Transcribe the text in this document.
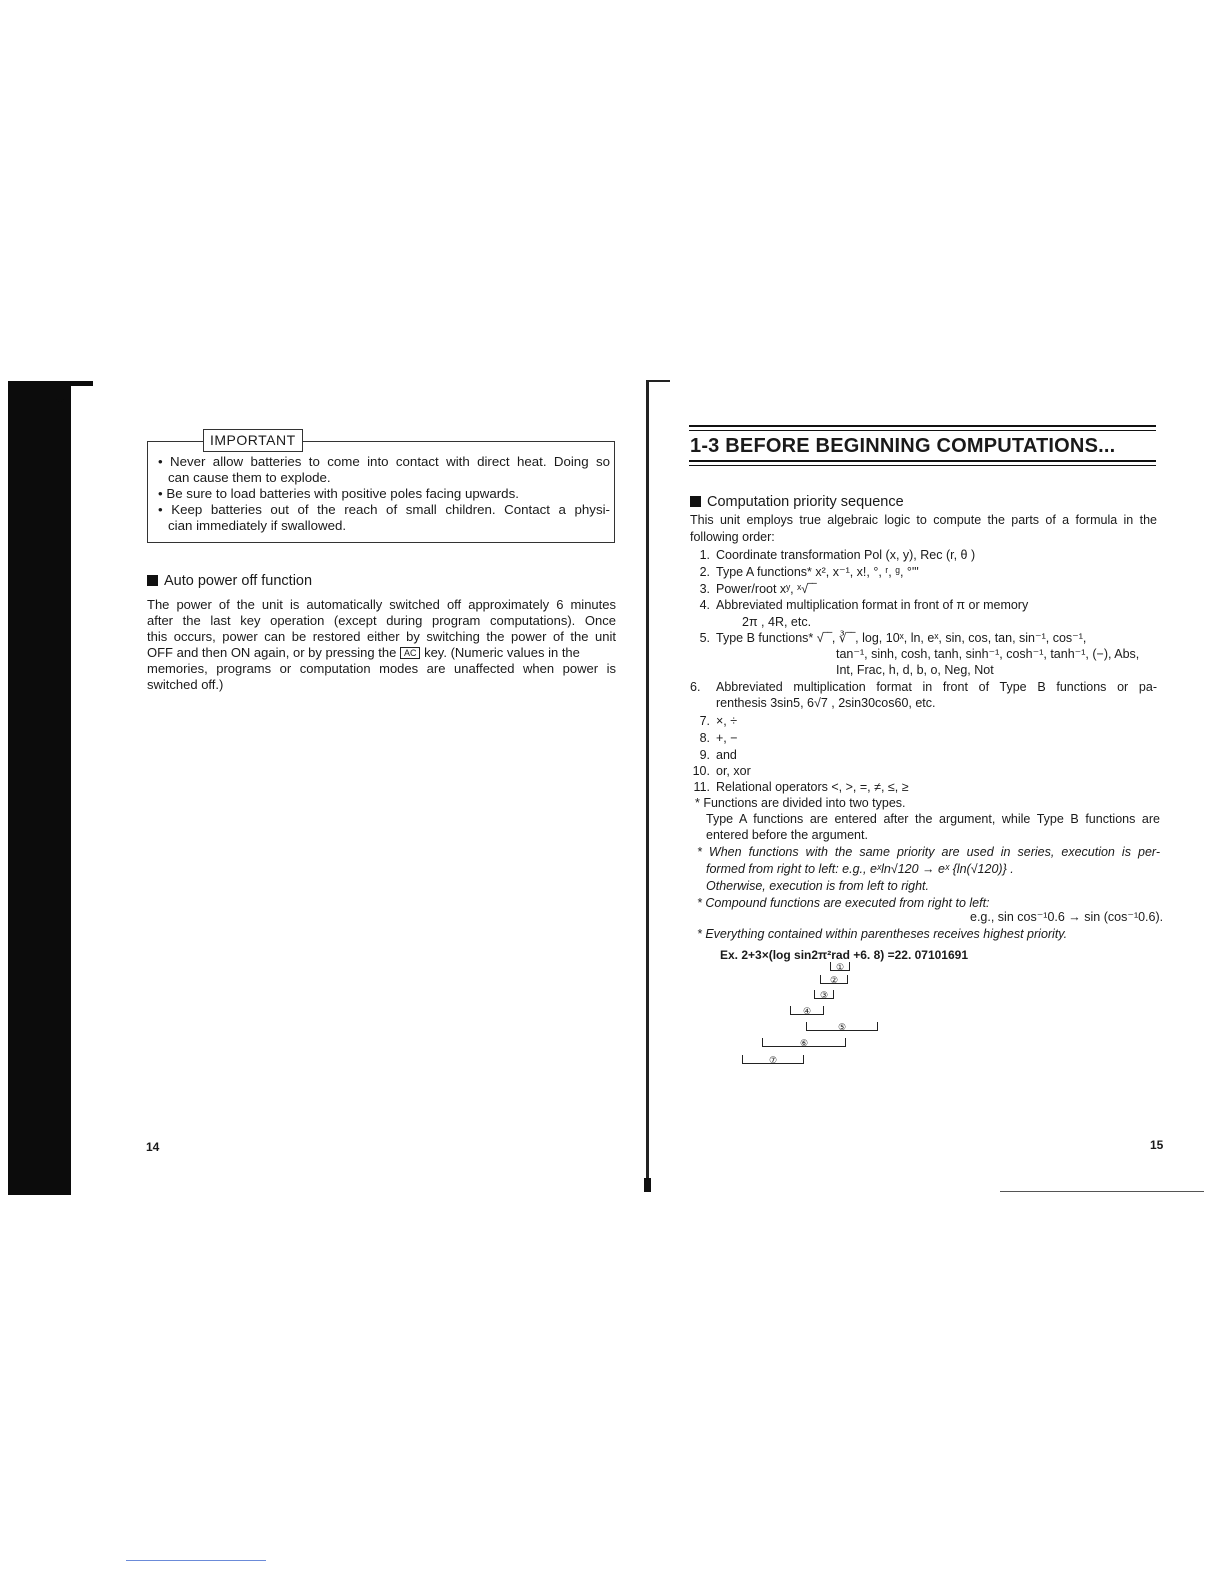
IMPORTANT
• Never allow batteries to come into contact with direct heat. Doing so
can cause them to explode.
• Be sure to load batteries with positive poles facing upwards.
• Keep batteries out of the reach of small children. Contact a physi-
cian immediately if swallowed.
Auto power off function
The power of the unit is automatically switched off approximately 6 minutes
after the last key operation (except during program computations). Once
this occurs, power can be restored either by switching the power of the unit
OFF and then ON again, or by pressing the AC key. (Numeric values in the
memories, programs or computation modes are unaffected when power is
switched off.)
14
1-3 BEFORE BEGINNING COMPUTATIONS...
Computation priority sequence
This unit employs true algebraic logic to compute the parts of a formula in the
following order:
1. Coordinate transformation Pol (x, y), Rec (r, θ )
2. Type A functions* x², x⁻¹, x!, °, ʳ, ᵍ, °'"
3. Power/root xʸ, ˣ√‾‾
4. Abbreviated multiplication format in front of π or memory
2π , 4R, etc.
5. Type B functions* √‾‾, ∛‾‾, log, 10ˣ, ln, eˣ, sin, cos, tan, sin⁻¹, cos⁻¹,
tan⁻¹, sinh, cosh, tanh, sinh⁻¹, cosh⁻¹, tanh⁻¹, (−), Abs,
Int, Frac, h, d, b, o, Neg, Not
6. Abbreviated multiplication format in front of Type B functions or pa-
renthesis 3sin5, 6√7 , 2sin30cos60, etc.
7. ×, ÷
8. +, −
9. and
10. or, xor
11. Relational operators <, >, =, ≠, ≤, ≥
* Functions are divided into two types.
Type A functions are entered after the argument, while Type B functions are
entered before the argument.
* When functions with the same priority are used in series, execution is per-
formed from right to left: e.g., eˣln√120 → eˣ {ln(√120)} .
Otherwise, execution is from left to right.
* Compound functions are executed from right to left:
e.g., sin cos⁻¹0.6 → sin (cos⁻¹0.6).
* Everything contained within parentheses receives highest priority.
Ex. 2+3×(log sin2π²rad +6. 8) =22. 07101691
①
②
③
④
⑤
⑥
⑦
15
